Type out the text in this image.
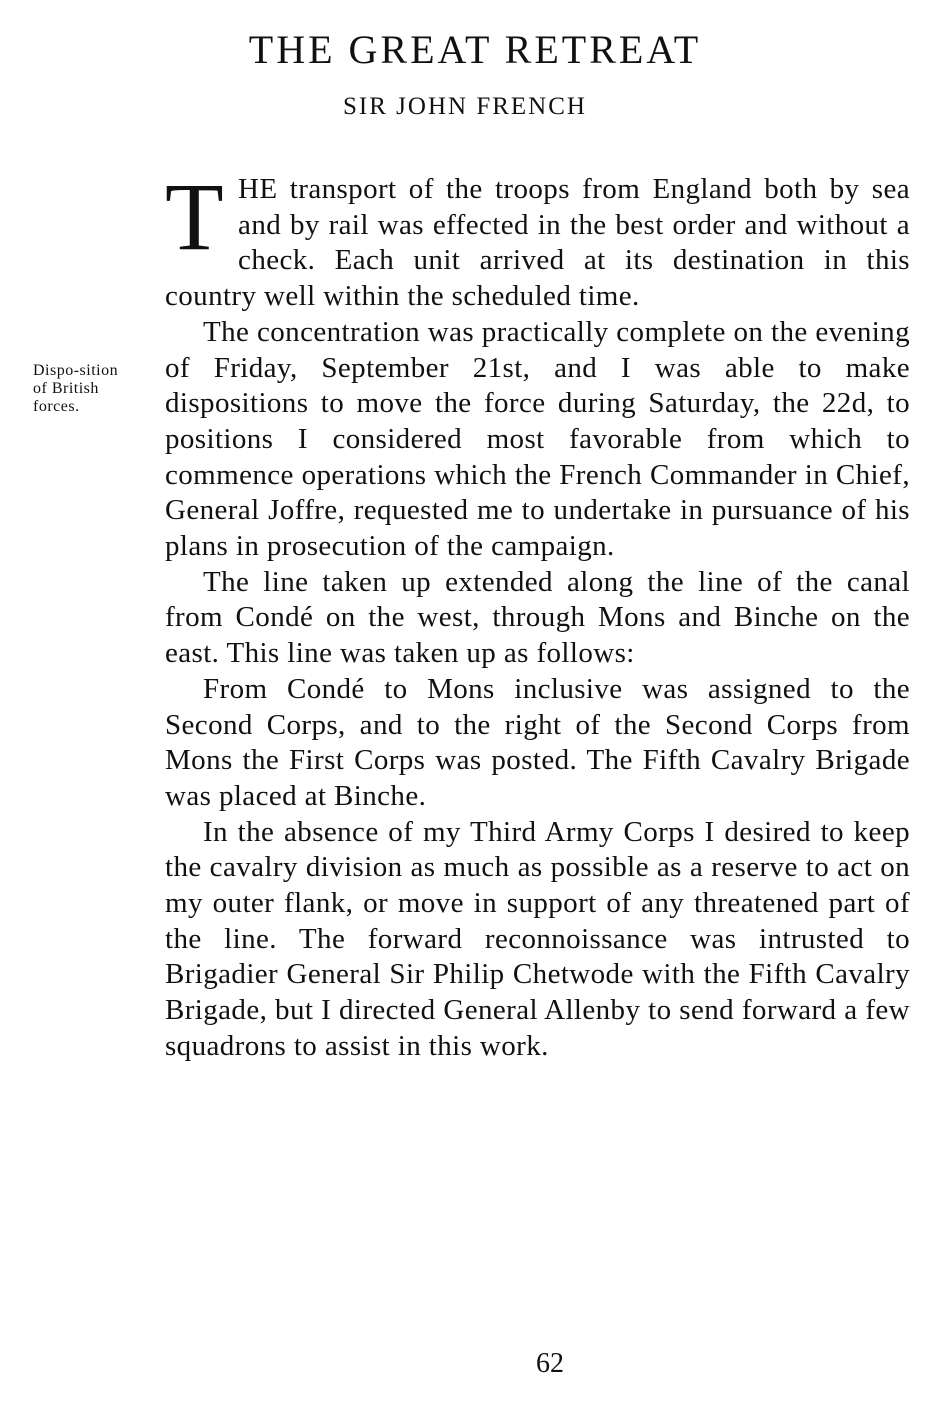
THE GREAT RETREAT
SIR JOHN FRENCH
Dispo-sition of British forces.

THE transport of the troops from England both by sea and by rail was effected in the best order and without a check. Each unit arrived at its destination in this country well within the scheduled time.

The concentration was practically complete on the evening of Friday, September 21st, and I was able to make dispositions to move the force during Saturday, the 22d, to positions I considered most favorable from which to commence operations which the French Commander in Chief, General Joffre, requested me to undertake in pursuance of his plans in prosecution of the campaign.

The line taken up extended along the line of the canal from Condé on the west, through Mons and Binche on the east. This line was taken up as follows:

From Condé to Mons inclusive was assigned to the Second Corps, and to the right of the Second Corps from Mons the First Corps was posted. The Fifth Cavalry Brigade was placed at Binche.

In the absence of my Third Army Corps I desired to keep the cavalry division as much as possible as a reserve to act on my outer flank, or move in support of any threatened part of the line. The forward reconnoissance was intrusted to Brigadier General Sir Philip Chetwode with the Fifth Cavalry Brigade, but I directed General Allenby to send forward a few squadrons to assist in this work.

62
